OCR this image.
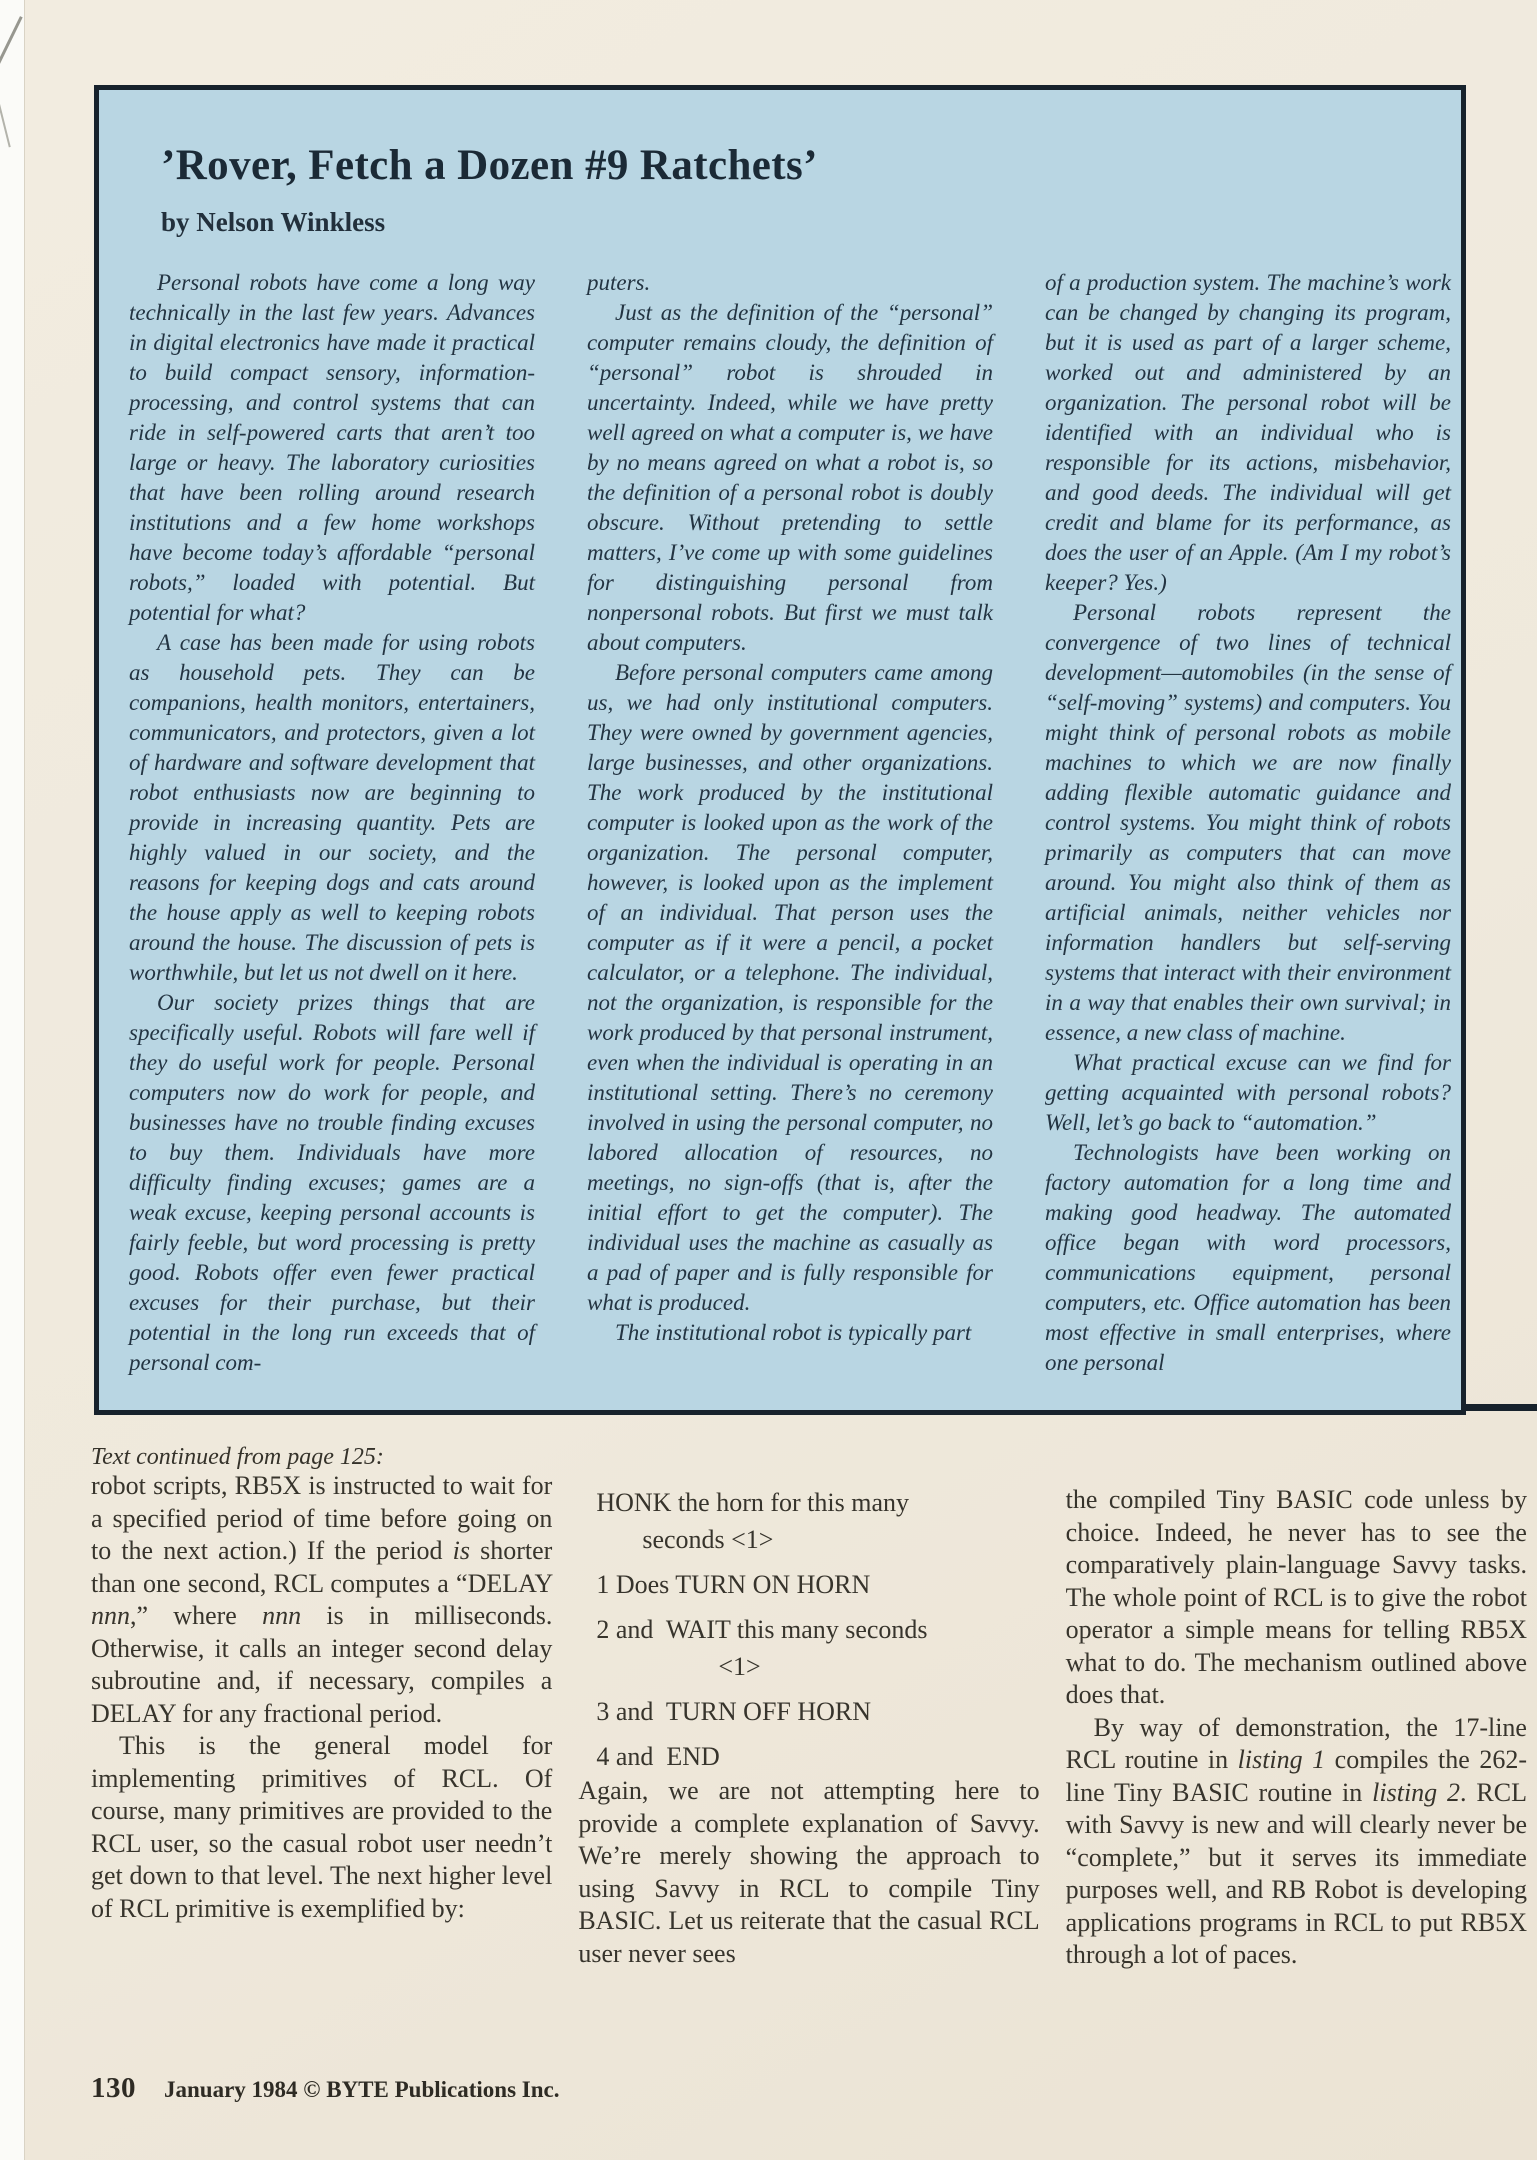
’Rover, Fetch a Dozen #9 Ratchets’
by Nelson Winkless

Personal robots have come a long way technically in the last few years. Advances in digital electronics have made it practical to build compact sensory, information-processing, and control systems that can ride in self-powered carts that aren’t too large or heavy. The laboratory curiosities that have been rolling around research institutions and a few home workshops have become today’s affordable “personal robots,” loaded with potential. But potential for what?

A case has been made for using robots as household pets. They can be companions, health monitors, entertainers, communicators, and protectors, given a lot of hardware and software development that robot enthusiasts now are beginning to provide in increasing quantity. Pets are highly valued in our society, and the reasons for keeping dogs and cats around the house apply as well to keeping robots around the house. The discussion of pets is worthwhile, but let us not dwell on it here.

Our society prizes things that are specifically useful. Robots will fare well if they do useful work for people. Personal computers now do work for people, and businesses have no trouble finding excuses to buy them. Individuals have more difficulty finding excuses; games are a weak excuse, keeping personal accounts is fairly feeble, but word processing is pretty good. Robots offer even fewer practical excuses for their purchase, but their potential in the long run exceeds that of personal com-

puters.

Just as the definition of the “personal” computer remains cloudy, the definition of “personal” robot is shrouded in uncertainty. Indeed, while we have pretty well agreed on what a computer is, we have by no means agreed on what a robot is, so the definition of a personal robot is doubly obscure. Without pretending to settle matters, I’ve come up with some guidelines for distinguishing personal from nonpersonal robots. But first we must talk about computers.

Before personal computers came among us, we had only institutional computers. They were owned by government agencies, large businesses, and other organizations. The work produced by the institutional computer is looked upon as the work of the organization. The personal computer, however, is looked upon as the implement of an individual. That person uses the computer as if it were a pencil, a pocket calculator, or a telephone. The individual, not the organization, is responsible for the work produced by that personal instrument, even when the individual is operating in an institutional setting. There’s no ceremony involved in using the personal computer, no labored allocation of resources, no meetings, no sign-offs (that is, after the initial effort to get the computer). The individual uses the machine as casually as a pad of paper and is fully responsible for what is produced.

The institutional robot is typically part

of a production system. The machine’s work can be changed by changing its program, but it is used as part of a larger scheme, worked out and administered by an organization. The personal robot will be identified with an individual who is responsible for its actions, misbehavior, and good deeds. The individual will get credit and blame for its performance, as does the user of an Apple. (Am I my robot’s keeper? Yes.)

Personal robots represent the convergence of two lines of technical development—automobiles (in the sense of “self-moving” systems) and computers. You might think of personal robots as mobile machines to which we are now finally adding flexible automatic guidance and control systems. You might think of robots primarily as computers that can move around. You might also think of them as artificial animals, neither vehicles nor information handlers but self-serving systems that interact with their environment in a way that enables their own survival; in essence, a new class of machine.

What practical excuse can we find for getting acquainted with personal robots? Well, let’s go back to “automation.”

Technologists have been working on factory automation for a long time and making good headway. The automated office began with word processors, communications equipment, personal computers, etc. Office automation has been most effective in small enterprises, where one personal

Text continued from page 125:

robot scripts, RB5X is instructed to wait for a specified period of time before going on to the next action.) If the period is shorter than one second, RCL computes a “DELAY nnn,” where nnn is in milliseconds. Otherwise, it calls an integer second delay subroutine and, if necessary, compiles a DELAY for any fractional period.

This is the general model for implementing primitives of RCL. Of course, many primitives are provided to the RCL user, so the casual robot user needn’t get down to that level. The next higher level of RCL primitive is exemplified by:

HONK the horn for this many

seconds <1>

1 Does TURN ON HORN

2 and  WAIT this many seconds

<1>

3 and  TURN OFF HORN

4 and  END

Again, we are not attempting here to provide a complete explanation of Savvy. We’re merely showing the approach to using Savvy in RCL to compile Tiny BASIC. Let us reiterate that the casual RCL user never sees

the compiled Tiny BASIC code unless by choice. Indeed, he never has to see the comparatively plain-language Savvy tasks. The whole point of RCL is to give the robot operator a simple means for telling RB5X what to do. The mechanism outlined above does that.

By way of demonstration, the 17-line RCL routine in listing 1 compiles the 262-line Tiny BASIC routine in listing 2. RCL with Savvy is new and will clearly never be “complete,” but it serves its immediate purposes well, and RB Robot is developing applications programs in RCL to put RB5X through a lot of paces.

130 January 1984 © BYTE Publications Inc.
